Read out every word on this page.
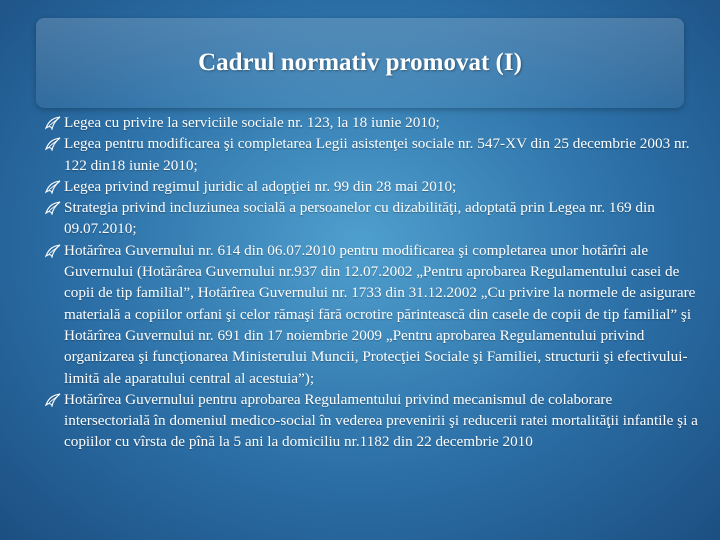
Cadrul normativ promovat (I)
Legea cu privire la serviciile sociale nr. 123, la 18 iunie 2010;
Legea pentru modificarea şi completarea Legii asistenţei sociale nr. 547-XV din 25 decembrie 2003 nr. 122 din18 iunie 2010;
Legea privind regimul juridic al adopţiei nr. 99 din 28 mai 2010;
Strategia privind incluziunea socială a persoanelor cu dizabilităţi, adoptată prin Legea nr. 169 din 09.07.2010;
Hotărîrea Guvernului nr. 614 din 06.07.2010 pentru modificarea şi completarea unor hotărîri ale Guvernului (Hotărârea Guvernului nr.937 din 12.07.2002 „Pentru aprobarea Regulamentului casei de copii de tip familial”, Hotărîrea Guvernului nr. 1733 din 31.12.2002 „Cu privire la normele de asigurare materială a copiilor orfani şi celor rămaşi fără ocrotire părintească din casele de copii de tip familial” şi Hotărîrea Guvernului nr. 691 din 17 noiembrie 2009 „Pentru aprobarea Regulamentului privind organizarea şi funcţionarea Ministerului Muncii, Protecţiei Sociale şi Familiei, structurii şi efectivului-limită ale aparatului central al acestuia”);
Hotărîrea Guvernului pentru aprobarea Regulamentului privind mecanismul de colaborare intersectorială în domeniul medico-social în vederea prevenirii şi reducerii ratei mortalităţii infantile şi a copiilor cu vîrsta de pînă la 5 ani la domiciliu nr.1182 din 22 decembrie 2010
